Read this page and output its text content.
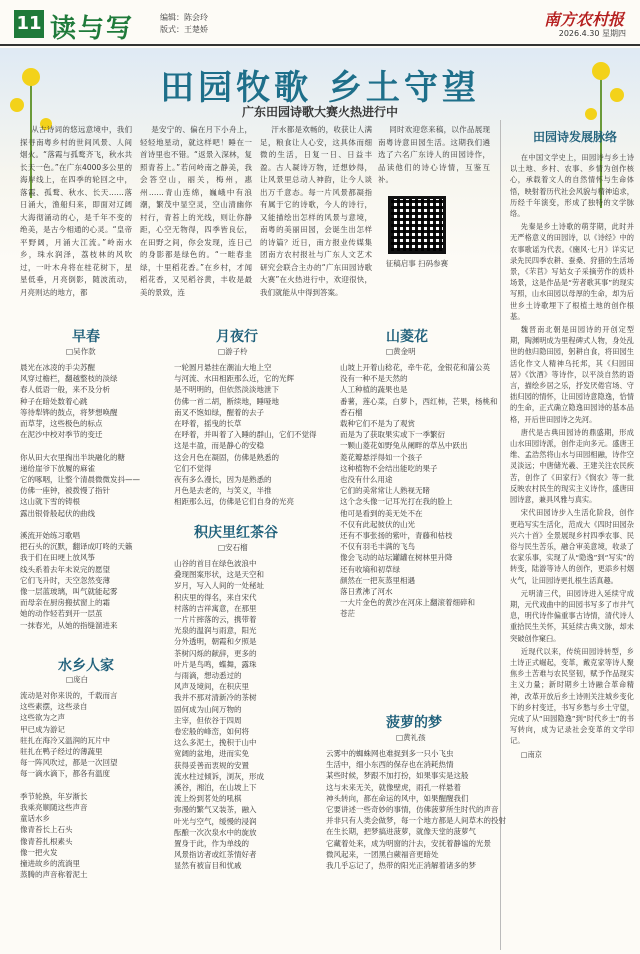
11 读与写	编辑：陈会玲
版式：王楚娇
南方农村报
2026.4.30 星期四
田园牧歌 乡土守望
广东田园诗歌大赛火热进行中
从古诗词的悠远意境中，我们探寻南粤乡村的世间风景、人间烟火。“落霞与孤鹜齐飞，秋水共长天一色。”在广东4000多公里的海岸线上，在四季的轮回之中，落霞、孤鹜、秋水、长天……落日涌大，渔船归来，即面对辽阔大海彻涌动的心，是千年不变的绝美，是古今相通的心灵。“皇帝平野阔，月涌大江流。”岭南水乡，珠水润泽，荔枝林的风吹过，一叶木舟将在桂花树下，星星低垂，月亮倒影，随波流动，月亮则达的地方，都
是安宁的、偏在月下小舟上，轻轻地星动，就这样吧！睡在一首诗里也不错。“返景入深林，复照青苔上。”若问岭南之静美，我会答空山，丽关，梅州，惠州……青山连绵，巍峨中有浪潮，繁茂中显空灵，空山清幽你村行，青苔上的光线，则让你静距，心空无物得，四季皆良伝，在田野之间，你会发现，连日己的身影都是绿色的。“一畦春韭绿，十里稻花香。”在乡村，才闻稻花香，又见稻谷黄，丰收是最美的景致，连
汗水都是欢畅的，收获让人满足，粮食让人心安，这具体而细微的生活，日复一日、日益丰盈。古人凝诗万物，迁想妙得，让风景里总动人神韵，让今人谈出万千意态。每一片风景都凝指有属于它的诗歌，今人的诗行，又能描绘出怎样的风景与意境，南粤的美丽田园，会诞生出怎样的诗篇？近日，南方报业传媒集团南方农村报社与广东人文艺术研究会联合主办的“广东田园诗歌大赛”在火热进行中，欢迎很快，我们就能从中得到答案。
同时欢迎您来稿，以作品展现南粤诗意田园生活。这期我们遴选了六名广东诗人的田园诗作，品读他们的诗心诗情，互鉴互补。
征稿启事 扫码参赛
早春
□吴作款

晨光在冰凌的手尖苏醒

风穿过檐栏，翻越整枝的淡绿

春人低语一般，来不及分析

种子在暗处数着心跳

等待犁铧的鼓点，将梦想唤醒

而草芽，这些极色的标点

在泥沙中校对季节的变迁

你从田大衣里掏出半块融化的糖

递给崖爷下放履的麻雀

它的啄咽，让整个清晨微微发抖——

仿佛一座钟，被拨慢了指针

这山就下雪的铸根

露出银骨般起伏的曲线

溪流开始练习歌唱

把石头的沉默，翻译成叮咚的天籁

我于们在田埂上放风筝

线头系着去年未说完的愿望

它们飞升时，天空忽然变薄

像一层蓝玻璃，叫气就能起雾

而母亲在厨房搬拭窗上的霜

她的动作轻若到开一层茧

一抹春光，从她的指缝溜进来

水乡人家
□庞白

流动是对你来说的，千载而言

这些素摆，这些录自

这些欲为之声

甲已成为游记

驻扎在海冷又温润的瓦片中

驻扎在鸭子经过的薄蔬里

每一阵风吹过，都是一次回望

每一滴水滴下，都各有温度

季节轮换，年岁渐长

我乘亮顺随这些声音

童话水乡

像青苔长上石头

像青苔扎根素头

像一把火发

撞进故乡的流淌里

蒸腾的声音称着泥土

月夜行
□游子柃

一轮圆月悬挂在潮汕大地上空

与河流、水田相距那么近，它的光辉

是不明明的，但依然淡淡地泄下

仿佛一首二胡，断续地，睡哑地

南叉不饱如绿，醒着的去子

在呼着，摇曳的长草

在呼着，并叫着了入睡的群山，它们不觉得

这是丰盈，而是静心的安稳

这会月色在凝固，仿佛是熟悉的

它们不觉得

夜有多么漫长，因为是熟悉的

月色是去老的，与笑义，半推

相距那么远，仿佛是它们自身的光亮

积庆里红茶谷
□安石榴

山谷的首目在绿色波浪中

叠现图案形状，这是天空和

岁月，写入人间的一处秘址

积庆里的得名，来自宋代

村落的吉祥寓意，在那里

一片片摔落的云，携带着

光泉的温润与雨意，阳光

分外透明，朝霞和夕照是

茶树闪烁的献辞，更多的

叶片是鸟鸣，蝶舞，露珠

与雨滴，想动悉过的

风声及境间，在积庆里

我并不那对清新冷的茶树

固何成为山间万物的

主宰，但依谷于四周

卷宏般的峰峦，如何将

这么多泥土，挽积于山中

宽阔的盆地，进而实免

获得妥善而衷规的安置

流水柱过倾诉，浏灰，形成

溪谷，湘泊，在山坡上下

流上纷到茗处的吼棋

弥漫的繁气又装茶，融入

叶光与空气，缓慢的浸润

酝酿一次次泉水中的旋放

置身于此，作为单线的

风景指访者或红茶情好者

显然有被盲目和忧戚

山菱花
□黄金明

山坡上开着山稔花，牵牛花，金银花和蒲公英

没有一种不是天然的

人工种植的蔬果也是

番薯，莲心菜，白萝卜，西红柿，芒果，杨桃和

香石榴

载种它们不是为了观赏

而是为了获取果实或下一季繁衍

一颗山菱花如野兔从阑畔的草丛中跃出

菱花瓣悬浮得如一个孩子

这种植物不会结出能吃的果子

也没有什么用途

它们的美常常让人熟视无睹

这个念头像一记耳光打在我的脸上

他可是看到的美无处不在

不仅有此起彼伏的山光

还有不事张扬的紫叶，青藤和枯枝

不仅有羽毛丰满的飞鸟

像会飞动的站坛罐罐在树林里升降

还有收墒和初草绿

颜然在一把灰蒸里相遇

落日煮沸了河水

一大片金色的黄沙在河床上翻滚着细碎和

苍茫

菠萝的梦
□黄礼孩

云雾中的蜘蛛网也难捉到多一只小飞虫

生活中，细小东西的保存也在消耗热情

某些时候，梦跟不加打扮，如果事实是这般

这与未来无关，就像壁虎，雨孔一样悬着

神头转向，都在命运的风中，如果醒醒我们

它要讲述一些奇妙的事情，仿佛菠萝所生时代的声音

并非只有人类会做梦，每一个地方都是人间草木的投射

在生长期，把梦搞进菠萝，就像天堂的菠萝气

它藏着处来，成为明窗的汁去，安抚着静谧的光景

微风起来，一团黑白蕨福音更暗处

我几乎忘记了，热带的阳光正消解着诸多的梦

田园诗发展脉络

在中国文学史上，田园诗与乡土诗以土地、乡村、农事、乡情为创作核心，承载着文人的自然情怀与生命体悟，映射着历代社会风貌与精神追求，历经千年演变，形成了独特的文学脉络。

先秦是乡土诗歌的萌芽期，此时并无严格意义的田园诗，以《诗经》中的农事歌谣为代表。《豳风·七月》详实记录先民四季农耕、蚕桑、狩猎的生活场景，《芣苢》写姑女子采摘劳作的质朴场景，这是作品是“劳者歌其事”的现实写照，山水田园以母厚的生命，却为后世乡土诗歌埋下了根植土地的创作根基。

魏晋南北朝是田园诗的开创定型期，陶渊明成为里程碑式人物，身处乱世的他归隐田园，躬耕自食，将田园生活化作文人精神乌托邦，其《归园田居》《饮酒》等诗作，以平淡自然的语言，描绘乡居之乐，抒发厌倦官场、守拙归园的情怀，让田园诗意隐逸，恰情的生命，正式确立隐逸田园诗的基本品格，开后世田园诗之先河。

唐代是古典田园诗的鼎盛期，形成山水田园诗派，创作走向多元。盛唐王维、孟浩然将山水与田园相融，诗作空灵淡远；中唐储光羲、王建关注农民疾苦，创作了《田家行》《悯农》等一批反映农村民生的现实主义诗作，盛唐田园诗意，兼具风雅与真实。

宋代田园诗步入生活化阶段，创作更趋写实生活化，范成大《四时田园杂兴六十首》全景展现乡村四季农事、民俗与民生苦乐，融合审美意境，收录了农家乐事，实现了从“隐逸”到“写实”的转变，陆游等诗人的创作，更添乡村烟火气，让田园诗更扎根生活真趣。

元明清三代，田园诗进入延续守成期，元代戏曲中的田园书写多了市井气息，明代诗作偏重事古诗情，清代诗人重拾民生关怀，其延续古典文脉，却未突破创作窠臼。

近现代以来，传统田园诗转型，乡土诗正式崛起，变革，戴克家等诗人聚焦乡土苦难与农民坚韧，赋予作品现实主义力量；新时期乡土诗融合革命精神，改革开放后乡土诗则关注城乡变化下的乡村变迁，书写乡愁与乡土守望，完成了从“田园隐逸”到“时代乡土”的书写转向，成为记录社会变革的文学印记。

□南京
